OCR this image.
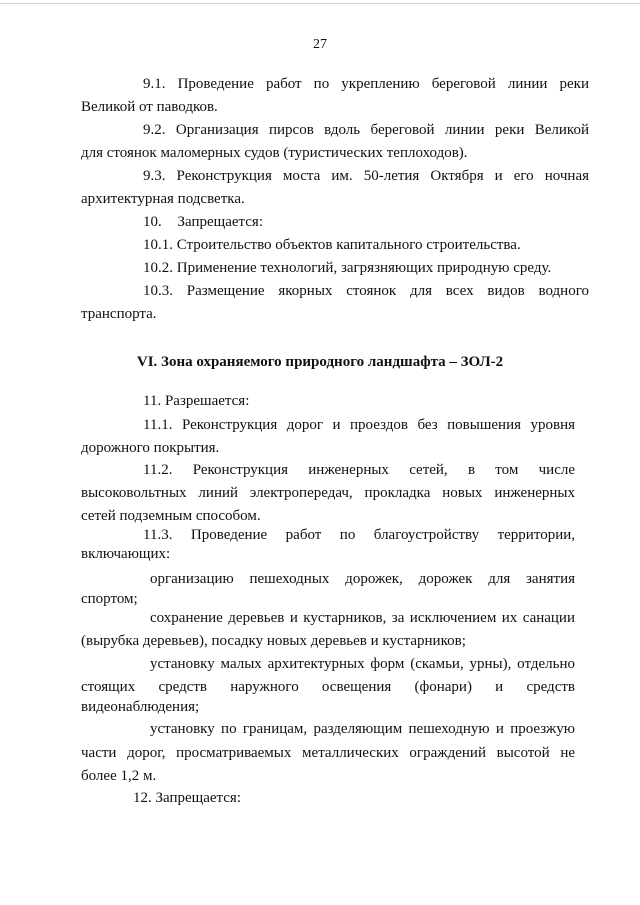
27
9.1. Проведение работ по укреплению береговой линии реки
Великой от паводков.
9.2. Организация пирсов вдоль береговой линии реки Великой
для стоянок маломерных судов (туристических теплоходов).
9.3. Реконструкция моста им. 50-летия Октября и его ночная
архитектурная подсветка.
10. Запрещается:
10.1. Строительство объектов капитального строительства.
10.2. Применение технологий, загрязняющих природную среду.
10.3. Размещение якорных стоянок для всех видов водного
транспорта.
VI. Зона охраняемого природного ландшафта – ЗОЛ-2
11. Разрешается:
11.1. Реконструкция дорог и проездов без повышения уровня
дорожного покрытия.
11.2. Реконструкция инженерных сетей, в том числе
высоковольтных линий электропередач, прокладка новых инженерных
сетей подземным способом.
11.3. Проведение работ по благоустройству территории,
включающих:
организацию пешеходных дорожек, дорожек для занятия
спортом;
сохранение деревьев и кустарников, за исключением их санации
(вырубка деревьев), посадку новых деревьев и кустарников;
установку малых архитектурных форм (скамьи, урны), отдельно
стоящих средств наружного освещения (фонари) и средств
видеонаблюдения;
установку по границам, разделяющим пешеходную и проезжую
части дорог, просматриваемых металлических ограждений высотой не
более 1,2 м.
12. Запрещается:
